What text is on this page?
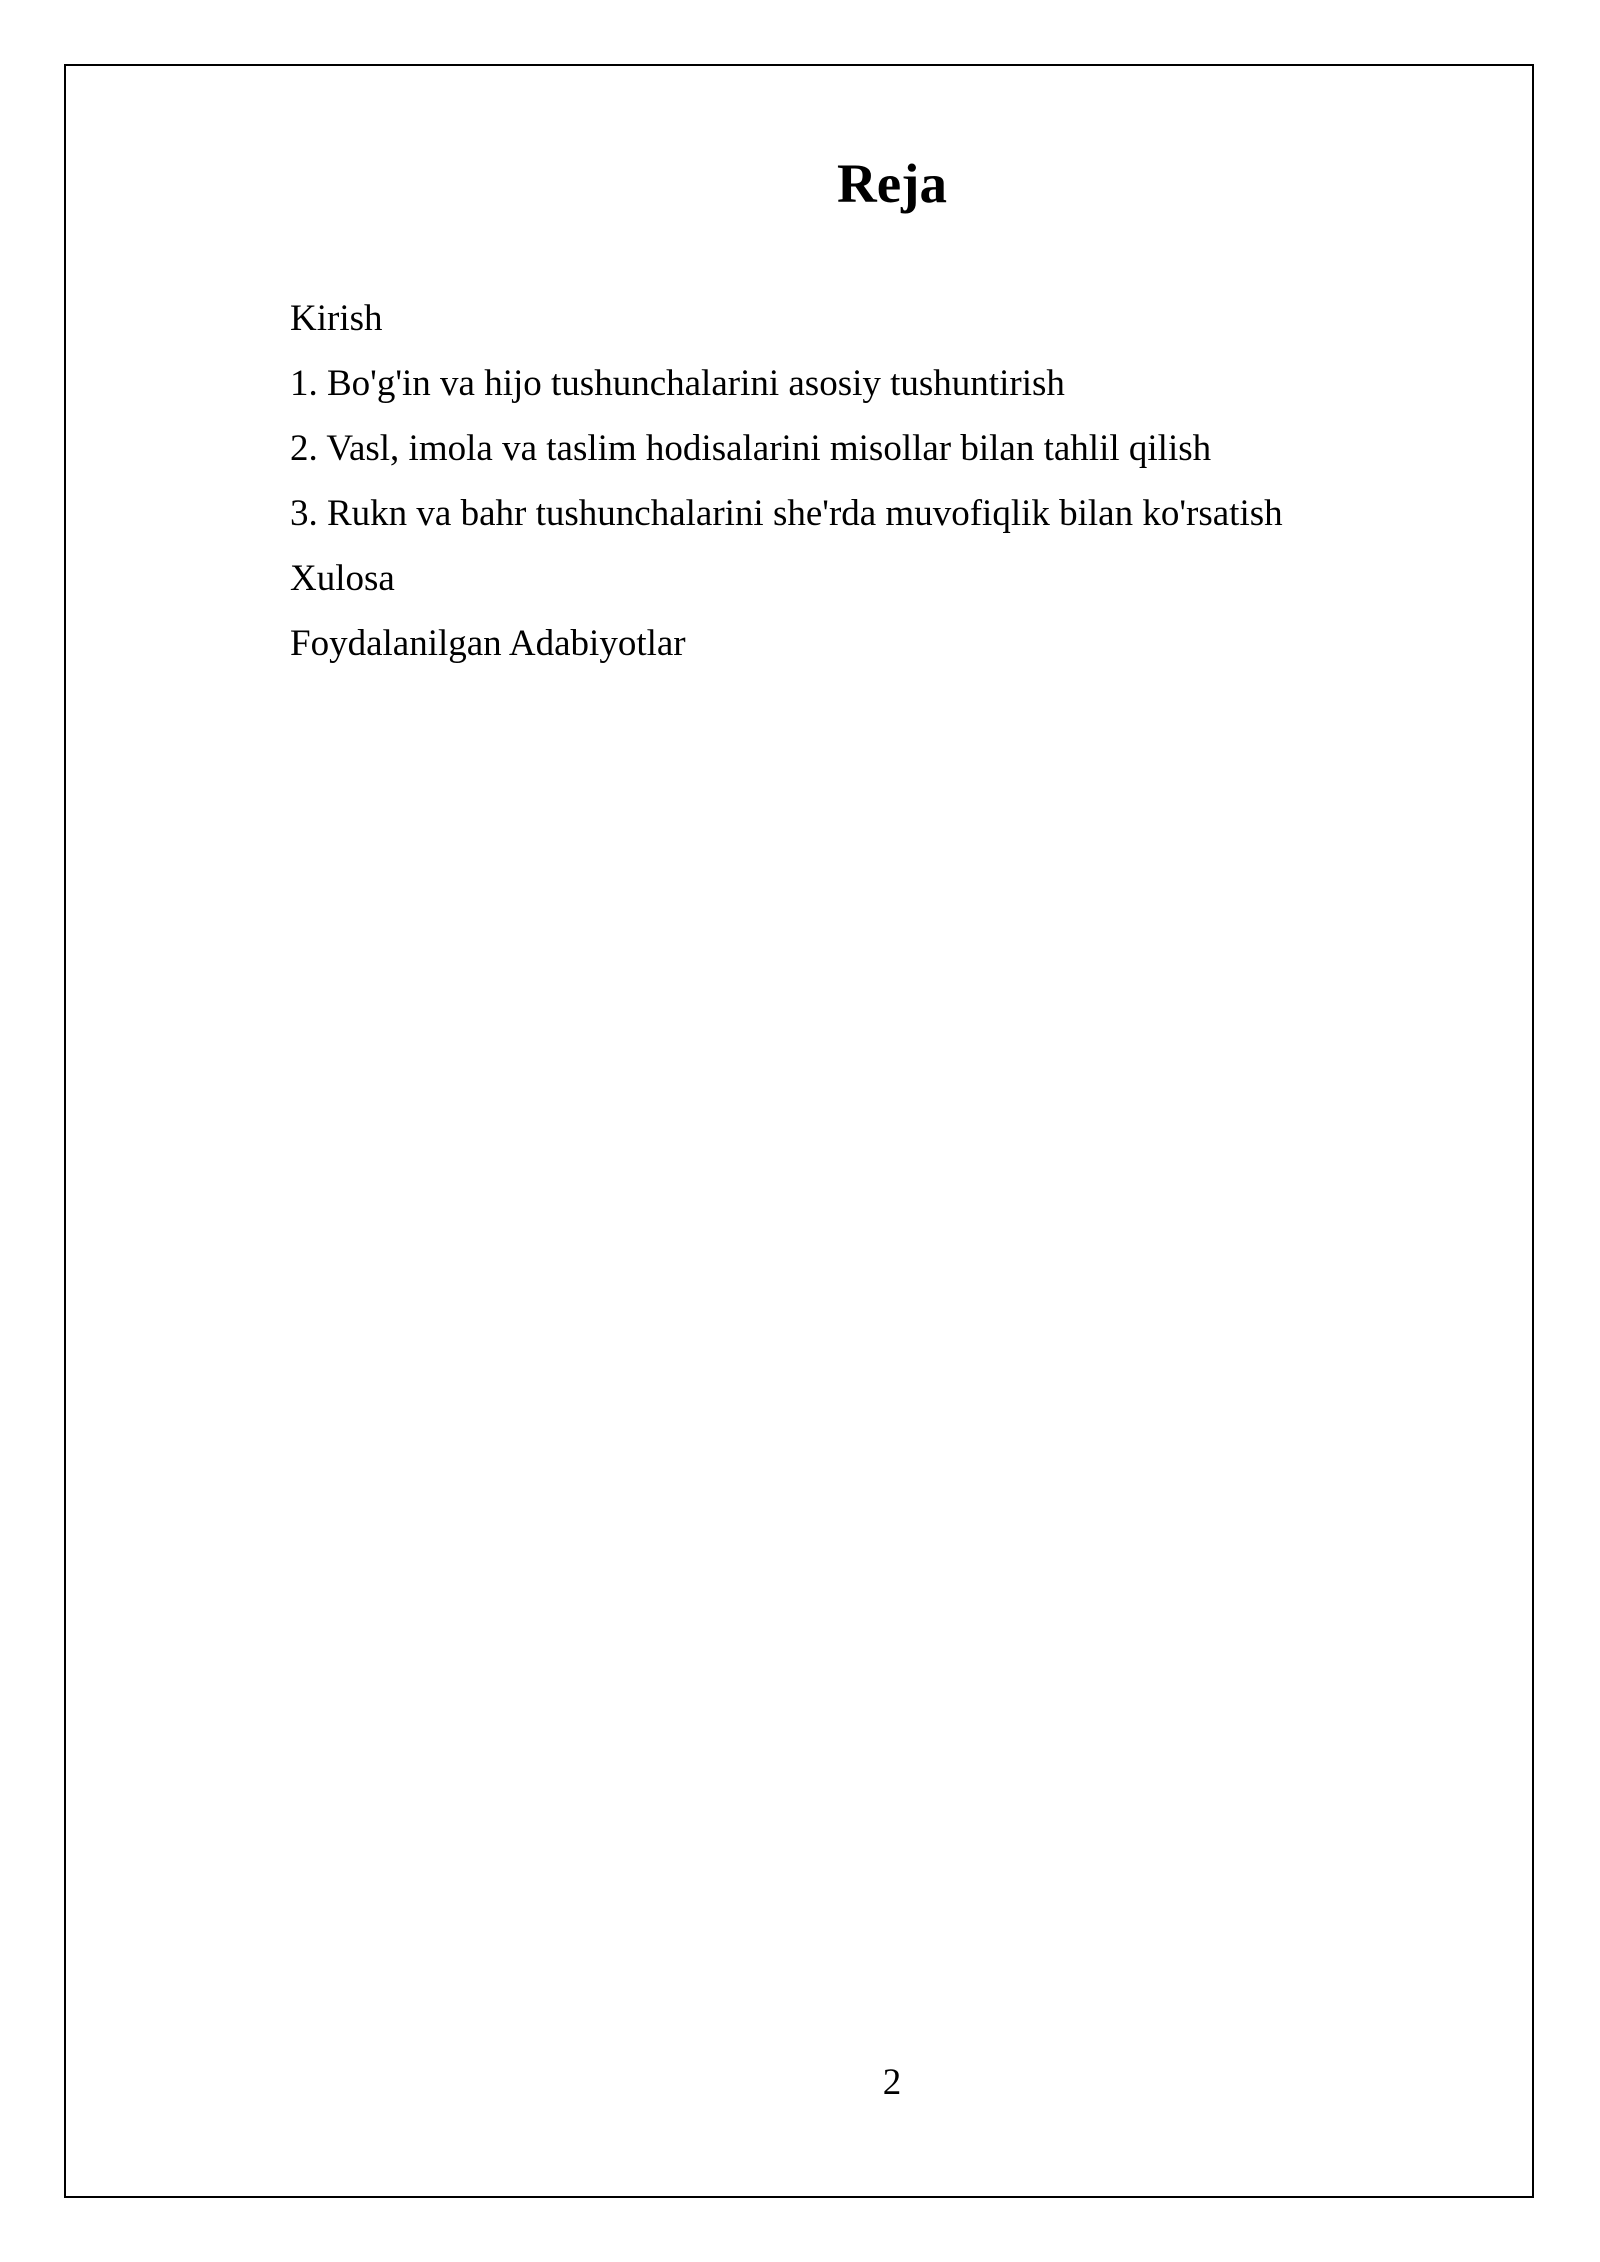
Reja
Kirish
1. Bo'g'in va hijo tushunchalarini asosiy tushuntirish
2. Vasl, imola va taslim hodisalarini misollar bilan tahlil qilish
3. Rukn va bahr tushunchalarini she'rda muvofiqlik bilan ko'rsatish
Xulosa
Foydalanilgan Adabiyotlar
2
